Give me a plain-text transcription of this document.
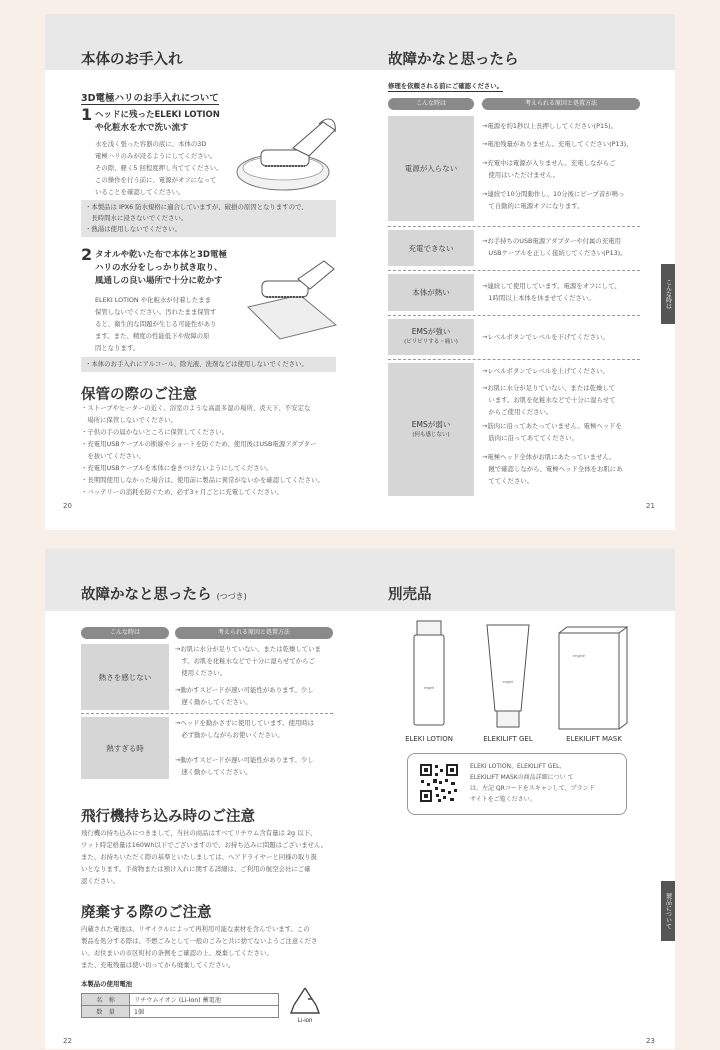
本体のお手入れ
3D電極ハリのお手入れについて
1 ヘッドに残ったELEKI LOTION
や化粧水を水で洗い流す
水を浅く張った容器の底に、本体の3D
電極ハリのみが浸るようにしてください。
その際、軽く5 回程度押し当ててください。
この操作を行う前に、電源がオフになって
いることを確認してください。
・本製品は IPX6 防水規格に適合していますが、破損の原因となりますので、
　長時間水に浸さないでください。
・熱湯は使用しないでください。
2 タオルや乾いた布で本体と3D電極
ハリの水分をしっかり拭き取り、
風通しの良い場所で十分に乾かす
ELEKI LOTION や化粧水が付着したまま
保管しないでください。汚れたまま保管す
ると、衛生的な問題が生じる可能性があり
ます。また、精度の性能低下や故障の原
因となります。
・本体のお手入れにアルコール、除光液、洗剤などは使用しないでください。
保管の際のご注意
・ストーブやヒーターの近く、浴室のような高温多湿の場所、炎天下、不安定な
　場所に保管しないでください。
・子供の手の届かないところに保管してください。
・充電用USBケーブルの断線やショートを防ぐため、使用後はUSB電源アダプター
　を抜いてください。
・充電用USBケーブルを本体に巻きつけないようにしてください。
・長期間使用しなかった場合は、使用前に製品に異常がないかを確認してください。
・バッテリーの消耗を防ぐため、必ず3ヶ月ごとに充電してください。
20
故障かなと思ったら
修理を依頼される前にご確認ください。
こんな時は	考えられる原因と処置方法
電源が入らない
→電源を約1秒以上長押ししてください(P15)。
→電池残量がありません。充電してください(P13)。
→充電中は電源が入りません。充電しながらご
　使用はいただけません。
→連続で10分間動作し、10分後にビープ音が鳴っ
　て自動的に電源オフになります。
充電できない
→お手持ちのUSB電源アダプターや付属の充電用
　USBケーブルを正しく接続してください(P13)。
本体が熱い
→連続して使用しています。電源をオフにして、
　1時間以上本体を休ませてください。
EMSが強い
(ピリピリする・痛い)
→レベルボタンでレベルを下げてください。
EMSが弱い
(何も感じない)
→レベルボタンでレベルを上げてください。
→お肌に水分が足りていない、または乾燥して
　います。お肌を化粧水などで十分に湿らせて
　からご使用ください。
→筋肉に沿ってあたっていません。電極ヘッドを
　筋肉に沿ってあててください。
→電極ヘッド全体がお肌にあたっていません。
　鏡で確認しながら、電極ヘッド全体をお肌にあ
　ててください。
こんな時は
21
故障かなと思ったら (つづき)
こんな時は	考えられる原因と処置方法
熱さを感じない
→お肌に水分が足りていない、または乾燥していま
　す。お肌を化粧水などで十分に湿らせてからご
　使用ください。
→動かすスピードが速い可能性があります。少し
　遅く動かしてください。
熱すぎる時
→ヘッドを動かさずに使用しています。使用時は
　必ず動かしながらお使いください。
→動かすスピードが遅い可能性があります。少し
　速く動かしてください。
飛行機持ち込み時のご注意
飛行機の持ち込みにつきまして、当社の商品はすべてリチウム含有量は 2g 以下、
ワット時定格量は160Wh以下でございますので、お持ち込みに問題はございません。
また、お持ちいただく際の基準といたしましては、ヘアドライヤーと同様の取り扱
いとなります。手荷物または預け入れに関する詳細は、ご利用の航空会社にご確
認ください。
廃棄する際のご注意
内蔵された電池は、リサイクルによって再利用可能な素材を含んでいます。この
製品を処分する際は、不燃ごみとして一般のごみと共に捨てないようご注意くださ
い。お住まいの市区町村の条例をご確認の上、廃棄してください。
また、充電残量は使い切ってから廃棄してください。
本製品の使用電池
名　称	リチウムイオン (Li-Ion) 蓄電池
数　量	1個
Li-ion
22
別売品
enginé
enginé
enginé
ELEKI LOTION	ELEKILIFT GEL	ELEKILIFT MASK
ELEKI LOTION、ELEKILIFT GEL、
ELEKILIFT MASKの商品詳細につい て
は、左記 QRコードをスキャンして、ブランド
サイトをご覧ください。
製品について
23
